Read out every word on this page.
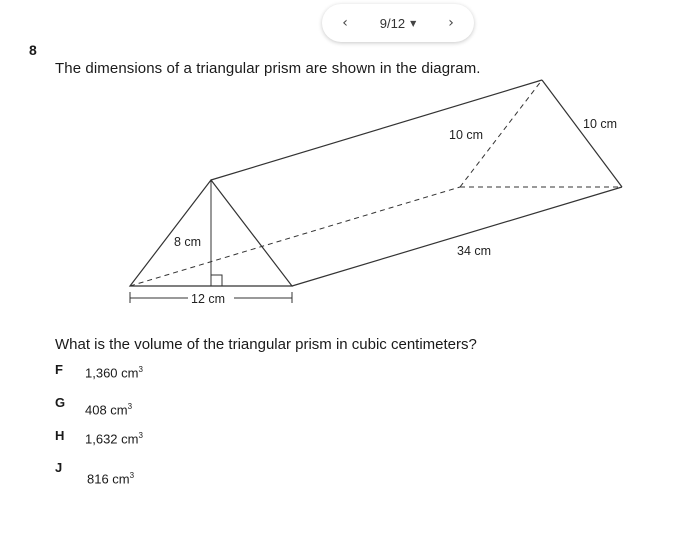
‹	9/12 ▼ ›
8
The dimensions of a triangular prism are shown in the diagram.
8 cm
12 cm
34 cm
10 cm
10 cm
What is the volume of the triangular prism in cubic centimeters?
F 1,360 $cm^3$
G 408 $cm^3$
H 1,632 $cm^3$
J
816 $cm^3$
